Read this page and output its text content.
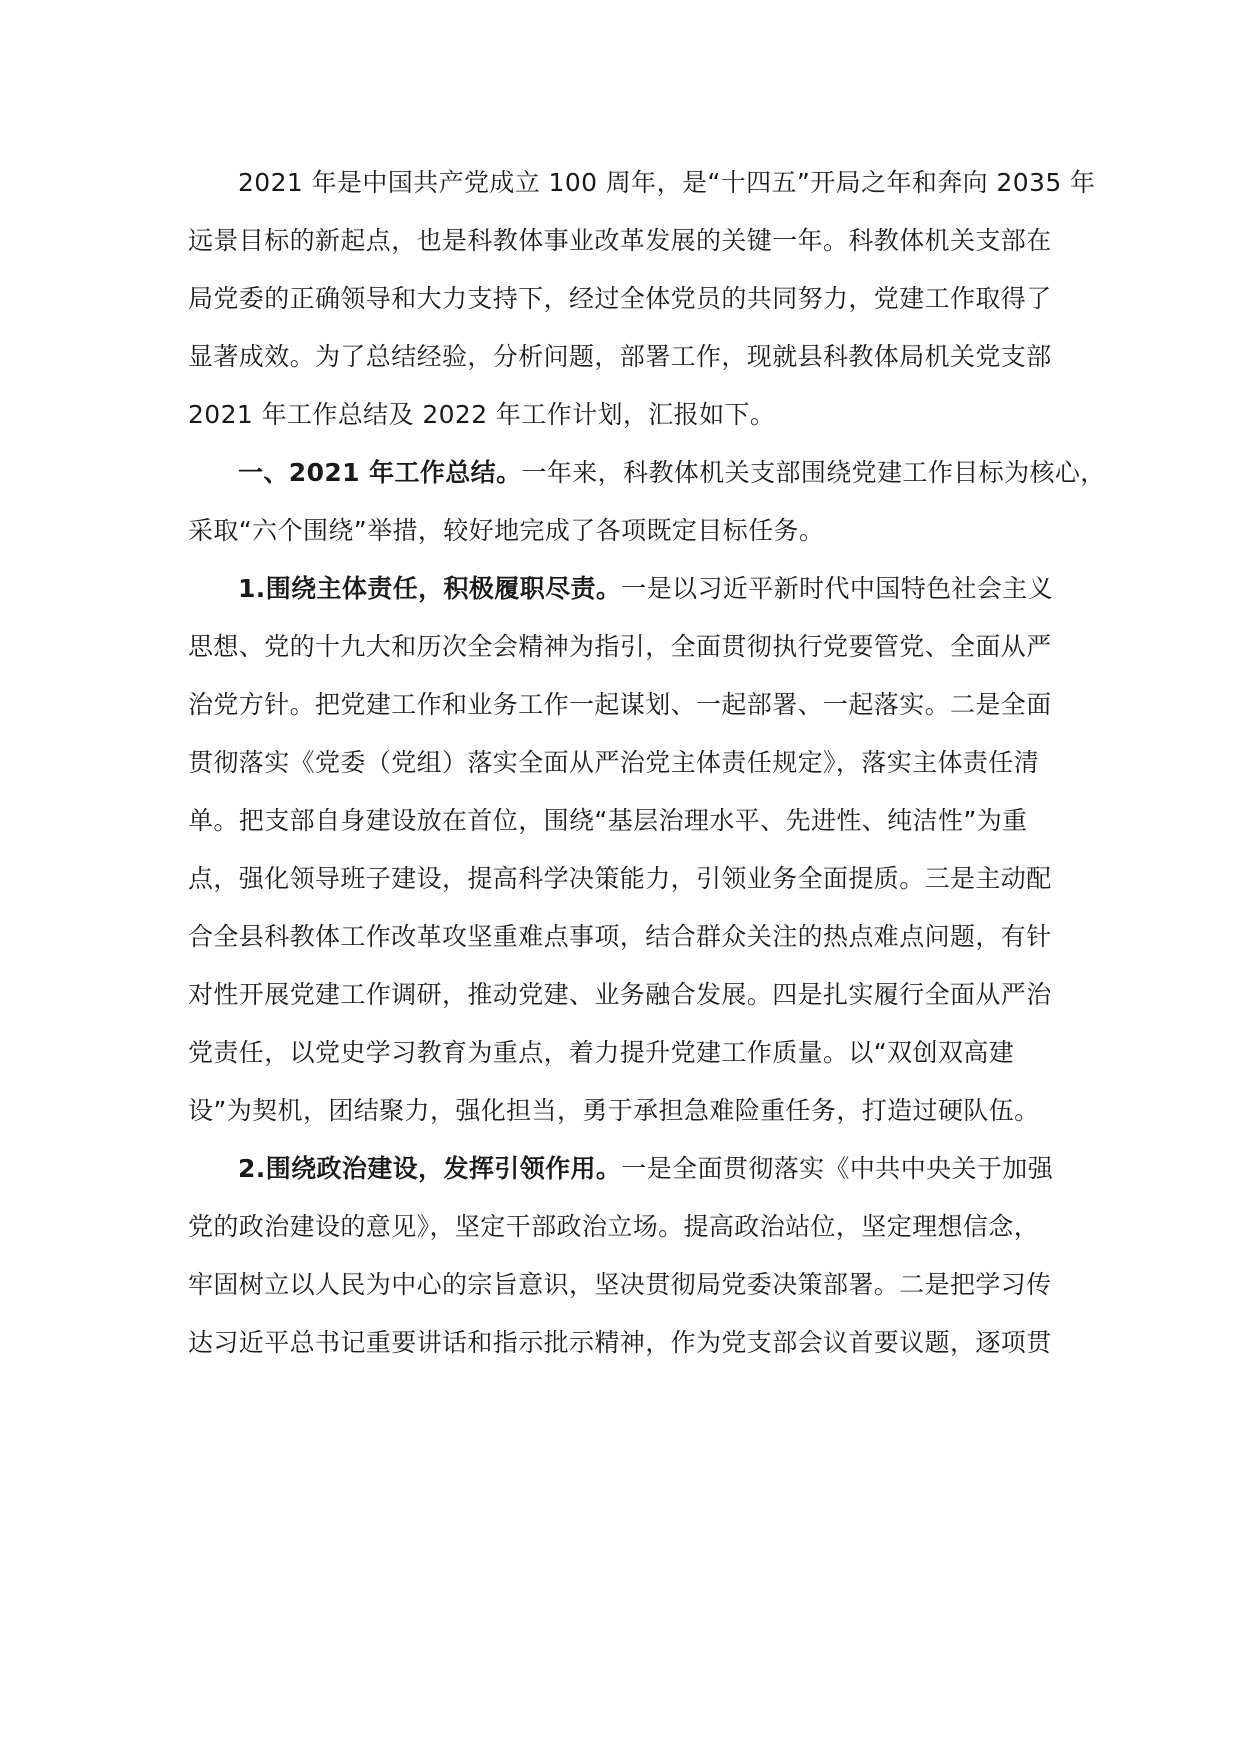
2021 年是中国共产党成立 100 周年，是“十四五”开局之年和奔向 2035 年
远景目标的新起点，也是科教体事业改革发展的关键一年。科教体机关支部在
局党委的正确领导和大力支持下，经过全体党员的共同努力，党建工作取得了
显著成效。为了总结经验，分析问题，部署工作，现就县科教体局机关党支部
2021 年工作总结及 2022 年工作计划，汇报如下。
一、2021 年工作总结。一年来，科教体机关支部围绕党建工作目标为核心，
采取“六个围绕”举措，较好地完成了各项既定目标任务。
1.围绕主体责任，积极履职尽责。一是以习近平新时代中国特色社会主义
思想、党的十九大和历次全会精神为指引，全面贯彻执行党要管党、全面从严
治党方针。把党建工作和业务工作一起谋划、一起部署、一起落实。二是全面
贯彻落实《党委（党组）落实全面从严治党主体责任规定》，落实主体责任清
单。把支部自身建设放在首位，围绕“基层治理水平、先进性、纯洁性”为重
点，强化领导班子建设，提高科学决策能力，引领业务全面提质。三是主动配
合全县科教体工作改革攻坚重难点事项，结合群众关注的热点难点问题，有针
对性开展党建工作调研，推动党建、业务融合发展。四是扎实履行全面从严治
党责任，以党史学习教育为重点，着力提升党建工作质量。以“双创双高建
设”为契机，团结聚力，强化担当，勇于承担急难险重任务，打造过硬队伍。
2.围绕政治建设，发挥引领作用。一是全面贯彻落实《中共中央关于加强
党的政治建设的意见》，坚定干部政治立场。提高政治站位，坚定理想信念，
牢固树立以人民为中心的宗旨意识，坚决贯彻局党委决策部署。二是把学习传
达习近平总书记重要讲话和指示批示精神，作为党支部会议首要议题，逐项贯
